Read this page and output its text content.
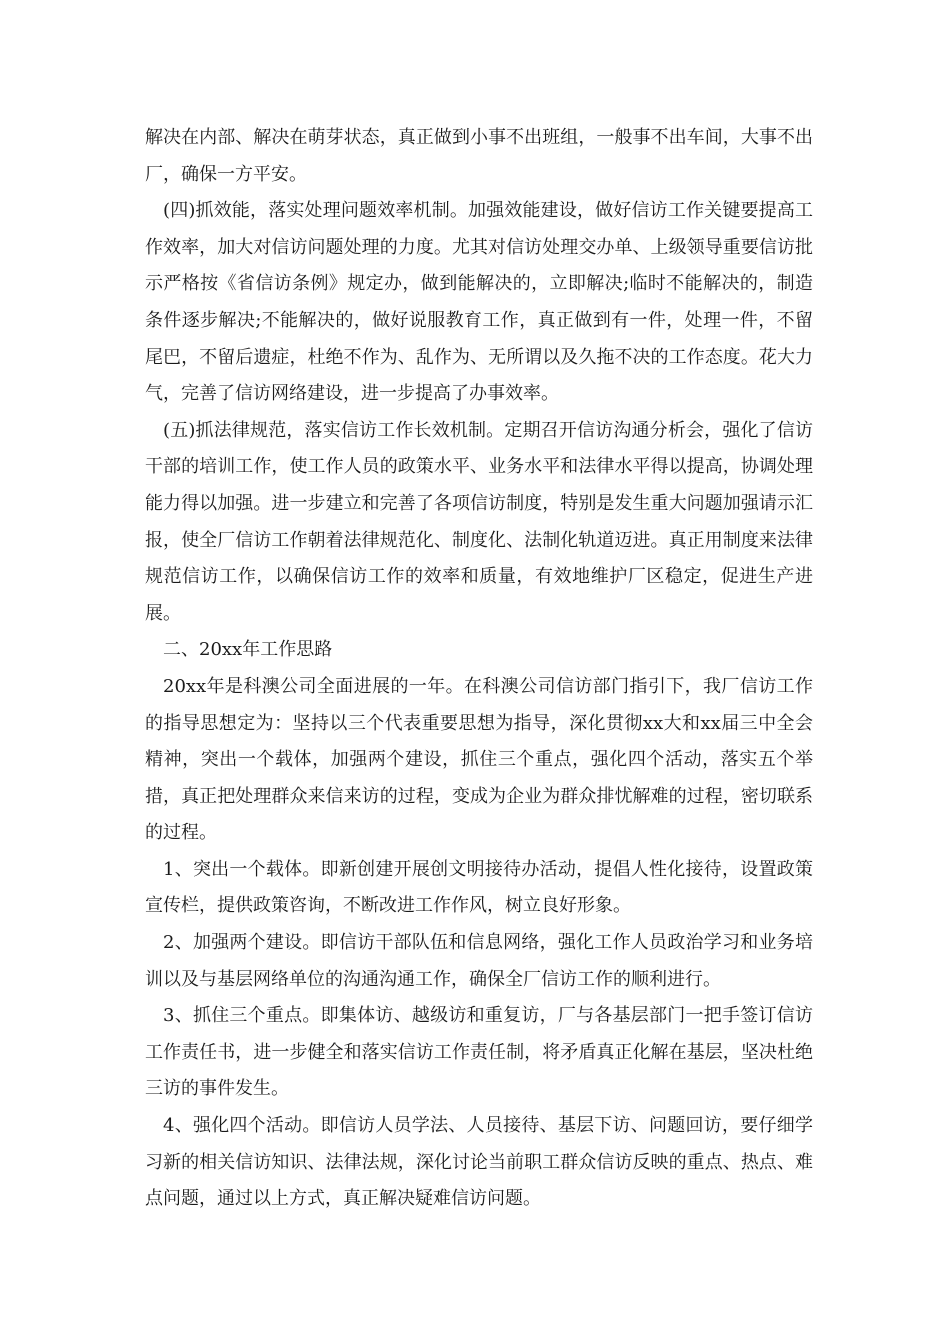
解决在内部、解决在萌芽状态，真正做到小事不出班组，一般事不出车间，大事不出厂，确保一方平安。

(四)抓效能，落实处理问题效率机制。加强效能建设，做好信访工作关键要提高工作效率，加大对信访问题处理的力度。尤其对信访处理交办单、上级领导重要信访批示严格按《省信访条例》规定办，做到能解决的，立即解决;临时不能解决的，制造条件逐步解决;不能解决的，做好说服教育工作，真正做到有一件，处理一件，不留尾巴，不留后遗症，杜绝不作为、乱作为、无所谓以及久拖不决的工作态度。花大力气，完善了信访网络建设，进一步提高了办事效率。

(五)抓法律规范，落实信访工作长效机制。定期召开信访沟通分析会，强化了信访干部的培训工作，使工作人员的政策水平、业务水平和法律水平得以提高，协调处理能力得以加强。进一步建立和完善了各项信访制度，特别是发生重大问题加强请示汇报，使全厂信访工作朝着法律规范化、制度化、法制化轨道迈进。真正用制度来法律规范信访工作，以确保信访工作的效率和质量，有效地维护厂区稳定，促进生产进展。

二、20xx年工作思路

20xx年是科澳公司全面进展的一年。在科澳公司信访部门指引下，我厂信访工作的指导思想定为：坚持以三个代表重要思想为指导，深化贯彻xx大和xx届三中全会精神，突出一个载体，加强两个建设，抓住三个重点，强化四个活动，落实五个举措，真正把处理群众来信来访的过程，变成为企业为群众排忧解难的过程，密切联系的过程。

1、突出一个载体。即新创建开展创文明接待办活动，提倡人性化接待，设置政策宣传栏，提供政策咨询，不断改进工作作风，树立良好形象。

2、加强两个建设。即信访干部队伍和信息网络，强化工作人员政治学习和业务培训以及与基层网络单位的沟通沟通工作，确保全厂信访工作的顺利进行。

3、抓住三个重点。即集体访、越级访和重复访，厂与各基层部门一把手签订信访工作责任书，进一步健全和落实信访工作责任制，将矛盾真正化解在基层，坚决杜绝三访的事件发生。

4、强化四个活动。即信访人员学法、人员接待、基层下访、问题回访，要仔细学习新的相关信访知识、法律法规，深化讨论当前职工群众信访反映的重点、热点、难点问题，通过以上方式，真正解决疑难信访问题。
